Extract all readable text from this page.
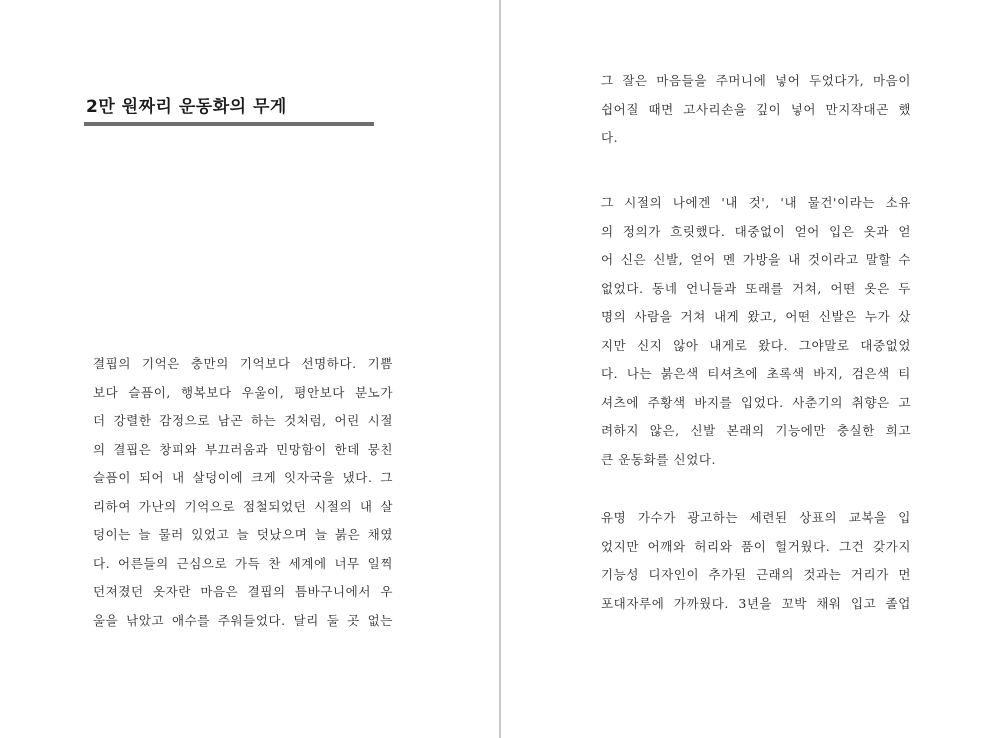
2만 원짜리 운동화의 무게
결핍의 기억은 충만의 기억보다 선명하다. 기쁨
보다 슬픔이, 행복보다 우울이, 평안보다 분노가
더 강렬한 감정으로 남곤 하는 것처럼, 어린 시절
의 결핍은 창피와 부끄러움과 민망함이 한데 뭉친
슬픔이 되어 내 살덩이에 크게 잇자국을 냈다. 그
리하여 가난의 기억으로 점철되었던 시절의 내 살
덩이는 늘 물러 있었고 늘 덧났으며 늘 붉은 채였
다. 어른들의 근심으로 가득 찬 세계에 너무 일찍
던져졌던 옷자란 마음은 결핍의 틈바구니에서 우
울을 낚았고 애수를 주워들었다. 달리 둘 곳 없는
그 잘은 마음들을 주머니에 넣어 두었다가, 마음이
쉽어질 때면 고사리손을 깊이 넣어 만지작대곤 했
다.
그 시절의 나에겐 '내 것', '내 물건'이라는 소유
의 정의가 흐릿했다. 대중없이 얻어 입은 옷과 얻
어 신은 신발, 얻어 멘 가방을 내 것이라고 말할 수
없었다. 동네 언니들과 또래를 거쳐, 어떤 옷은 두
명의 사람을 거쳐 내게 왔고, 어떤 신발은 누가 샀
지만 신지 않아 내게로 왔다. 그야말로 대중없었
다. 나는 붉은색 티셔츠에 초록색 바지, 검은색 티
셔츠에 주황색 바지를 입었다. 사춘기의 취향은 고
려하지 않은, 신발 본래의 기능에만 충실한 희고
큰 운동화를 신었다.
유명 가수가 광고하는 세련된 상표의 교복을 입
었지만 어깨와 허리와 품이 헐거웠다. 그건 갖가지
기능성 디자인이 추가된 근래의 것과는 거리가 먼
포대자루에 가까웠다. 3년을 꼬박 채워 입고 졸업
